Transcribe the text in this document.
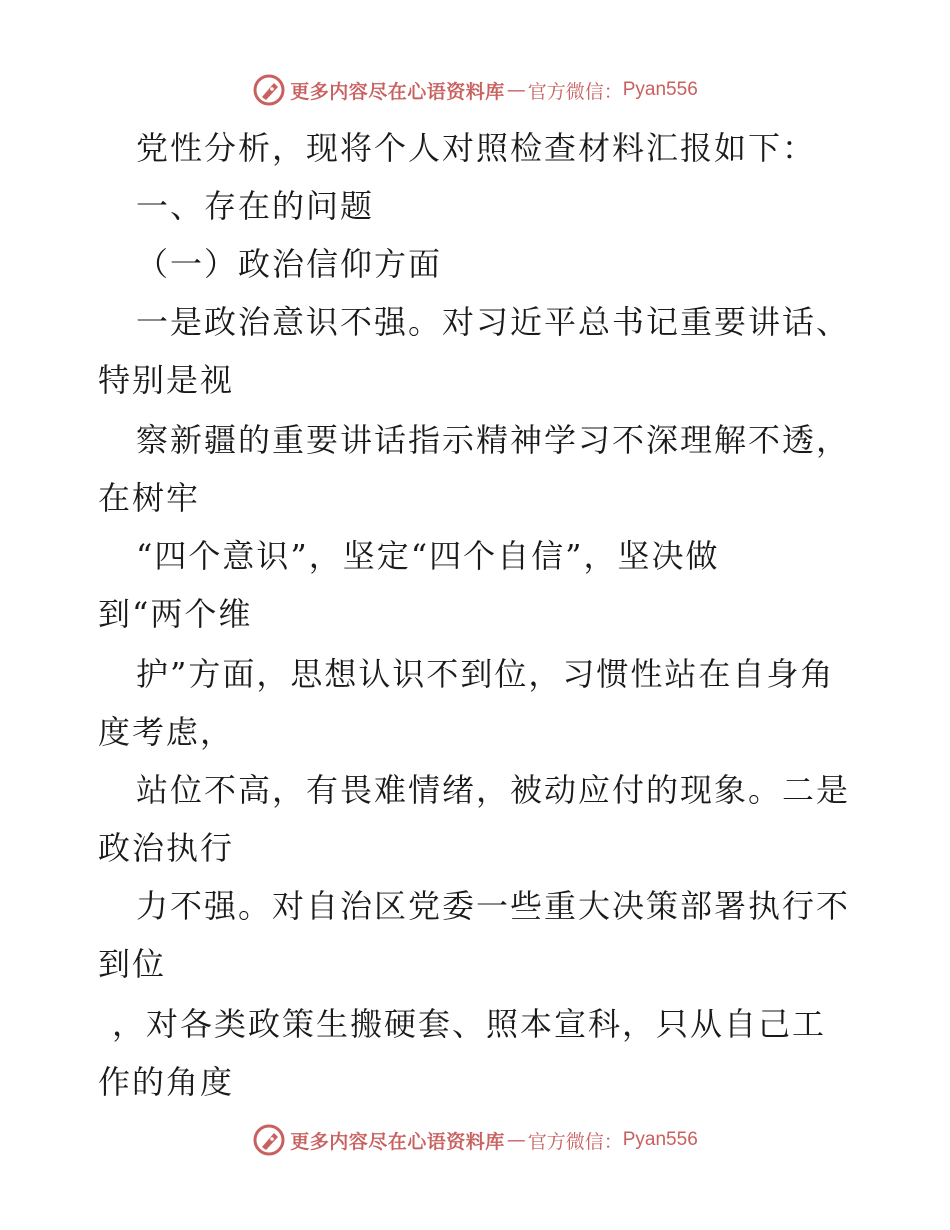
更多内容尽在心语资料库 — 官方微信： Pyan556
党性分析，现将个人对照检查材料汇报如下：
一、存在的问题
（一）政治信仰方面
一是政治意识不强。对习近平总书记重要讲话、
特别是视
察新疆的重要讲话指示精神学习不深理解不透，
在树牢
“四个意识”，坚定“四个自信”，坚决做
到“两个维
护”方面，思想认识不到位，习惯性站在自身角
度考虑，
站位不高，有畏难情绪，被动应付的现象。二是
政治执行
力不强。对自治区党委一些重大决策部署执行不
到位
，对各类政策生搬硬套、照本宣科，只从自己工
作的角度
更多内容尽在心语资料库 — 官方微信： Pyan556
